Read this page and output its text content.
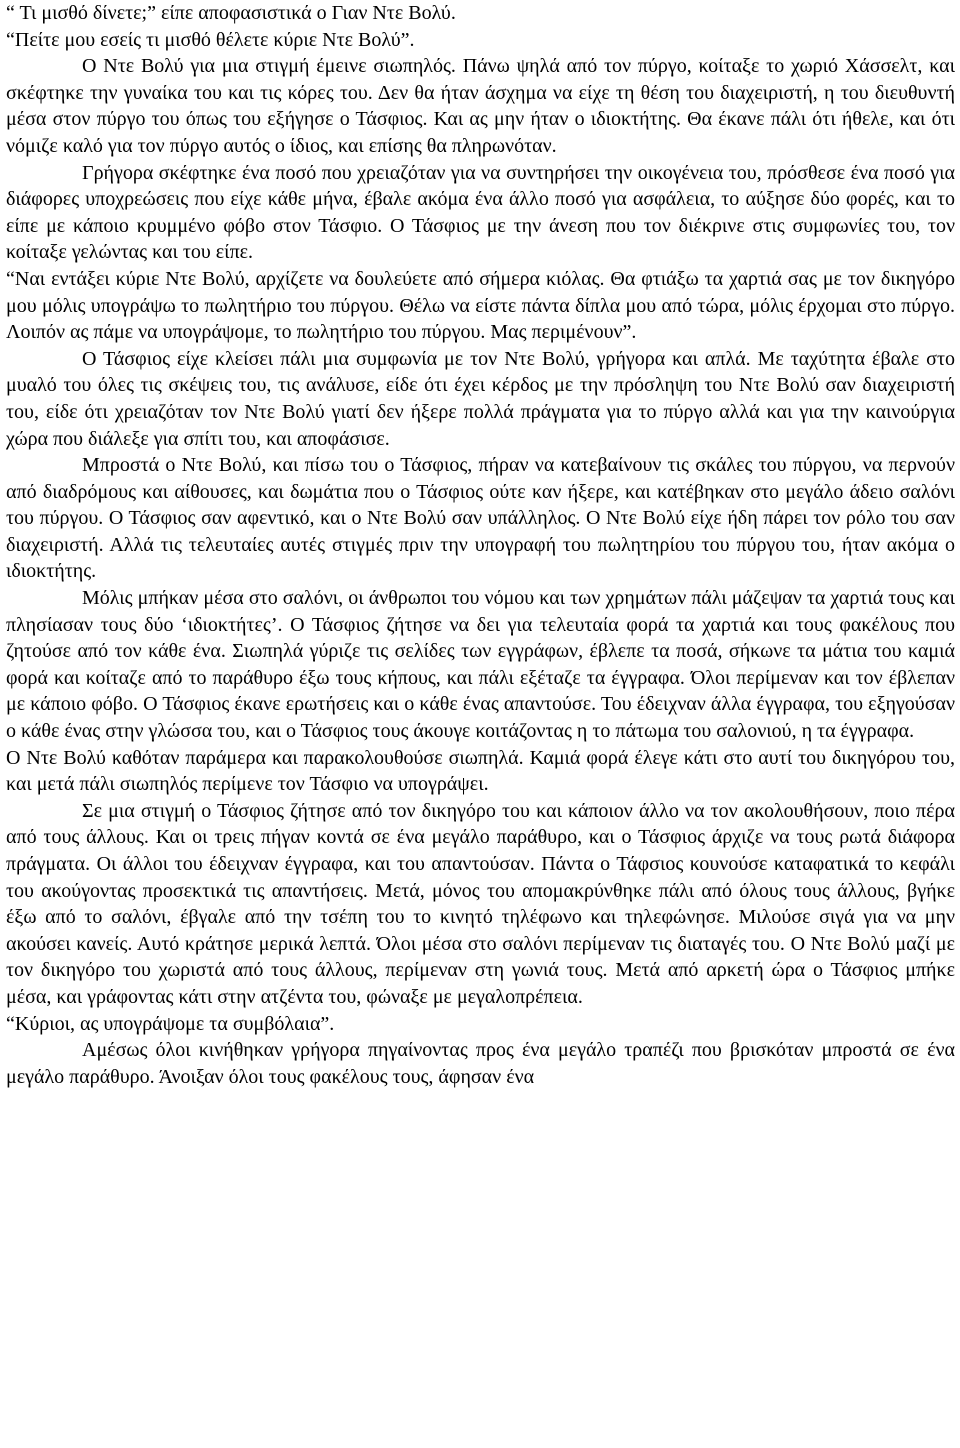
“ Τι μισθό δίνετε;” είπε αποφασιστικά ο Γιαν Ντε Βολύ.

“Πείτε μου εσείς τι μισθό θέλετε κύριε Ντε Βολύ”.

Ο Ντε Βολύ για μια στιγμή έμεινε σιωπηλός. Πάνω ψηλά από τον πύργο, κοίταξε το χωριό Χάσσελτ, και σκέφτηκε την γυναίκα του και τις κόρες του. Δεν θα ήταν άσχημα να είχε τη θέση του διαχειριστή, η του διευθυντή μέσα στον πύργο του όπως του εξήγησε ο Τάσφιος. Και ας μην ήταν ο ιδιοκτήτης. Θα έκανε πάλι ότι ήθελε, και ότι νόμιζε καλό για τον πύργο αυτός ο ίδιος, και επίσης θα πληρωνόταν.

Γρήγορα σκέφτηκε ένα ποσό που χρειαζόταν για να συντηρήσει την οικογένεια του, πρόσθεσε ένα ποσό για διάφορες υποχρεώσεις που είχε κάθε μήνα, έβαλε ακόμα ένα άλλο ποσό για ασφάλεια, το αύξησε δύο φορές, και το είπε με κάποιο κρυμμένο φόβο στον Τάσφιο. Ο Τάσφιος με την άνεση που τον διέκρινε στις συμφωνίες του, τον κοίταξε γελώντας και του είπε.

“Ναι εντάξει κύριε Ντε Βολύ, αρχίζετε να δουλεύετε από σήμερα κιόλας. Θα φτιάξω τα χαρτιά σας με τον δικηγόρο μου μόλις υπογράψω το πωλητήριο του πύργου. Θέλω να είστε πάντα δίπλα μου από τώρα, μόλις έρχομαι στο πύργο. Λοιπόν ας πάμε να υπογράψομε, το πωλητήριο του πύργου. Μας περιμένουν”.

Ο Τάσφιος είχε κλείσει πάλι μια συμφωνία με τον Ντε Βολύ, γρήγορα και απλά. Με ταχύτητα έβαλε στο μυαλό του όλες τις σκέψεις του, τις ανάλυσε, είδε ότι έχει κέρδος με την πρόσληψη του Ντε Βολύ σαν διαχειριστή του, είδε ότι χρειαζόταν τον Ντε Βολύ γιατί δεν ήξερε πολλά πράγματα για το πύργο αλλά και για την καινούργια χώρα που διάλεξε για σπίτι του, και αποφάσισε.

Μπροστά ο Ντε Βολύ, και πίσω του ο Τάσφιος, πήραν να κατεβαίνουν τις σκάλες του πύργου, να περνούν από διαδρόμους και αίθουσες, και δωμάτια που ο Τάσφιος ούτε καν ήξερε, και κατέβηκαν στο μεγάλο άδειο σαλόνι του πύργου. Ο Τάσφιος σαν αφεντικό, και ο Ντε Βολύ σαν υπάλληλος. Ο Ντε Βολύ είχε ήδη πάρει τον ρόλο του σαν διαχειριστή. Αλλά τις τελευταίες αυτές στιγμές πριν την υπογραφή του πωλητηρίου του πύργου του, ήταν ακόμα ο ιδιοκτήτης.

Μόλις μπήκαν μέσα στο σαλόνι, οι άνθρωποι του νόμου και των χρημάτων πάλι μάζεψαν τα χαρτιά τους και πλησίασαν τους δύο ‘ιδιοκτήτες’. Ο Τάσφιος ζήτησε να δει για τελευταία φορά τα χαρτιά και τους φακέλους που ζητούσε από τον κάθε ένα. Σιωπηλά γύριζε τις σελίδες των εγγράφων, έβλεπε τα ποσά, σήκωνε τα μάτια του καμιά φορά και κοίταζε από το παράθυρο έξω τους κήπους, και πάλι εξέταζε τα έγγραφα. Όλοι περίμεναν και τον έβλεπαν με κάποιο φόβο. Ο Τάσφιος έκανε ερωτήσεις και ο κάθε ένας απαντούσε. Του έδειχναν άλλα έγγραφα, του εξηγούσαν ο κάθε ένας στην γλώσσα του, και ο Τάσφιος τους άκουγε κοιτάζοντας η το πάτωμα του σαλονιού, η τα έγγραφα.

Ο Ντε Βολύ καθόταν παράμερα και παρακολουθούσε σιωπηλά. Καμιά φορά έλεγε κάτι στο αυτί του δικηγόρου του, και μετά πάλι σιωπηλός περίμενε τον Τάσφιο να υπογράψει.

Σε μια στιγμή ο Τάσφιος ζήτησε από τον δικηγόρο του και κάποιον άλλο να τον ακολουθήσουν, ποιο πέρα από τους άλλους. Και οι τρεις πήγαν κοντά σε ένα μεγάλο παράθυρο, και ο Τάσφιος άρχιζε να τους ρωτά διάφορα πράγματα. Οι άλλοι του έδειχναν έγγραφα, και του απαντούσαν. Πάντα ο Τάφσιος κουνούσε καταφατικά το κεφάλι του ακούγοντας προσεκτικά τις απαντήσεις. Μετά, μόνος του απομακρύνθηκε πάλι από όλους τους άλλους, βγήκε έξω από το σαλόνι, έβγαλε από την τσέπη του το κινητό τηλέφωνο και τηλεφώνησε. Μιλούσε σιγά για να μην ακούσει κανείς. Αυτό κράτησε μερικά λεπτά. Όλοι μέσα στο σαλόνι περίμεναν τις διαταγές του. Ο Ντε Βολύ μαζί με τον δικηγόρο του χωριστά από τους άλλους, περίμεναν στη γωνιά τους. Μετά από αρκετή ώρα ο Τάσφιος μπήκε μέσα, και γράφοντας κάτι στην ατζέντα του, φώναξε με μεγαλοπρέπεια.

“Κύριοι, ας υπογράψομε τα συμβόλαια”.

Αμέσως όλοι κινήθηκαν γρήγορα πηγαίνοντας προς ένα μεγάλο τραπέζι που βρισκόταν μπροστά σε ένα μεγάλο παράθυρο. Άνοιξαν όλοι τους φακέλους τους, άφησαν ένα
